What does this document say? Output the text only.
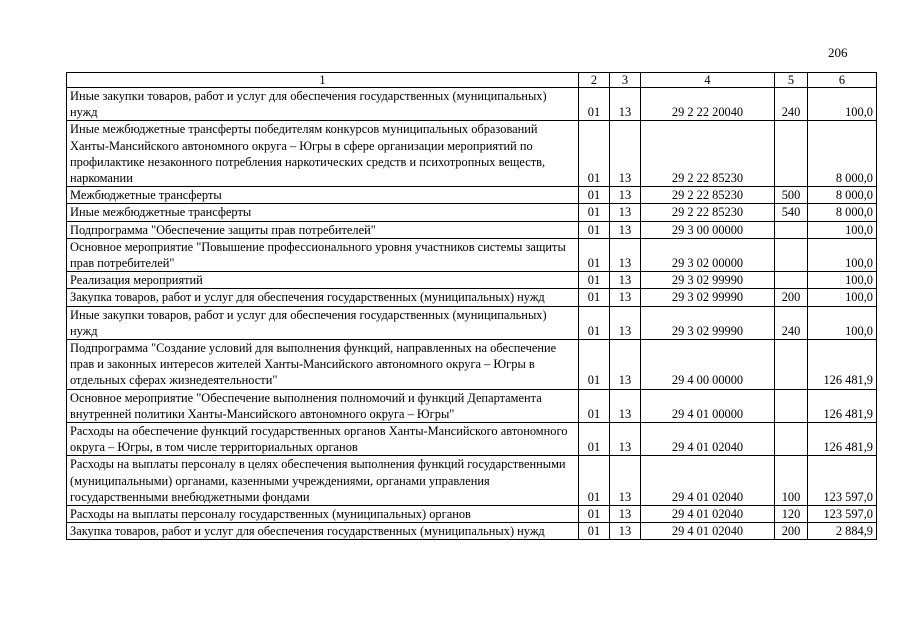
206
1	2	3	4	5	6
Иные закупки товаров, работ и услуг для обеспечения государственных (муниципальных) нужд	01	13	29 2 22 20040	240	100,0
Иные межбюджетные трансферты победителям конкурсов муниципальных образований Ханты-Мансийского автономного округа – Югры в сфере организации мероприятий по профилактике незаконного потребления наркотических средств и психотропных веществ, наркомании	01	13	29 2 22 85230		8 000,0
Межбюджетные трансферты	01	13	29 2 22 85230	500	8 000,0
Иные межбюджетные трансферты	01	13	29 2 22 85230	540	8 000,0
Подпрограмма "Обеспечение защиты прав потребителей"	01	13	29 3 00 00000		100,0
Основное мероприятие "Повышение профессионального уровня участников системы защиты прав потребителей"	01	13	29 3 02 00000		100,0
Реализация мероприятий	01	13	29 3 02 99990		100,0
Закупка товаров, работ и услуг для обеспечения государственных (муниципальных) нужд	01	13	29 3 02 99990	200	100,0
Иные закупки товаров, работ и услуг для обеспечения государственных (муниципальных) нужд	01	13	29 3 02 99990	240	100,0
Подпрограмма "Создание условий для выполнения функций, направленных на обеспечение прав и законных интересов жителей Ханты-Мансийского автономного округа – Югры в отдельных сферах жизнедеятельности"	01	13	29 4 00 00000		126 481,9
Основное мероприятие "Обеспечение выполнения полномочий и функций Департамента внутренней политики Ханты-Мансийского автономного округа – Югры"	01	13	29 4 01 00000		126 481,9
Расходы на обеспечение функций государственных органов Ханты-Мансийского автономного округа – Югры, в том числе территориальных органов	01	13	29 4 01 02040		126 481,9
Расходы на выплаты персоналу в целях обеспечения выполнения функций государственными (муниципальными) органами, казенными учреждениями, органами управления государственными внебюджетными фондами	01	13	29 4 01 02040	100	123 597,0
Расходы на выплаты персоналу государственных (муниципальных) органов	01	13	29 4 01 02040	120	123 597,0
Закупка товаров, работ и услуг для обеспечения государственных (муниципальных) нужд	01	13	29 4 01 02040	200	2 884,9
